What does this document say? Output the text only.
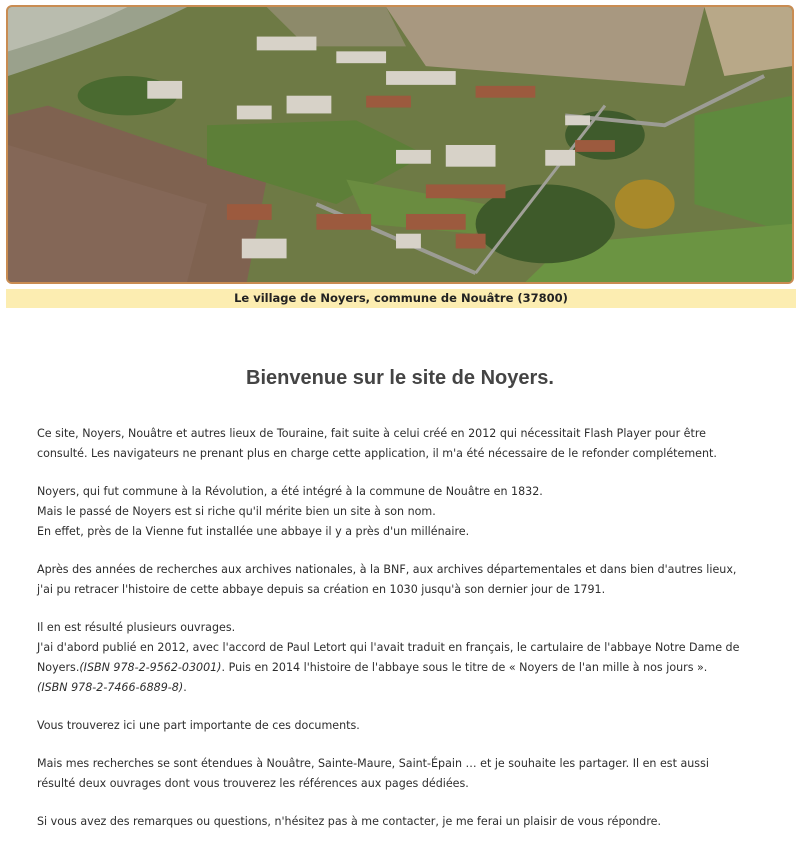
Le village de Noyers, commune de Nouâtre (37800)
Bienvenue sur le site de Noyers.

Ce site, Noyers, Nouâtre et autres lieux de Touraine, fait suite à celui créé en 2012 qui nécessitait Flash Player pour être
consulté. Les navigateurs ne prenant plus en charge cette application, il m'a été nécessaire de le refonder complétement.

Noyers, qui fut commune à la Révolution, a été intégré à la commune de Nouâtre en 1832.
Mais le passé de Noyers est si riche qu'il mérite bien un site à son nom.
En effet, près de la Vienne fut installée une abbaye il y a près d'un millénaire.

Après des années de recherches aux archives nationales, à la BNF, aux archives départementales et dans bien d'autres lieux,
j'ai pu retracer l'histoire de cette abbaye depuis sa création en 1030 jusqu'à son dernier jour de 1791.

Il en est résulté plusieurs ouvrages.
J'ai d'abord publié en 2012, avec l'accord de Paul Letort qui l'avait traduit en français, le cartulaire de l'abbaye Notre Dame de
Noyers.(ISBN 978-2-9562-03001). Puis en 2014 l'histoire de l'abbaye sous le titre de « Noyers de l'an mille à nos jours ».
(ISBN 978-2-7466-6889-8).

Vous trouverez ici une part importante de ces documents.

Mais mes recherches se sont étendues à Nouâtre, Sainte-Maure, Saint-Épain … et je souhaite les partager. Il en est aussi
résulté deux ouvrages dont vous trouverez les références aux pages dédiées.

Si vous avez des remarques ou questions, n'hésitez pas à me contacter, je me ferai un plaisir de vous répondre.
